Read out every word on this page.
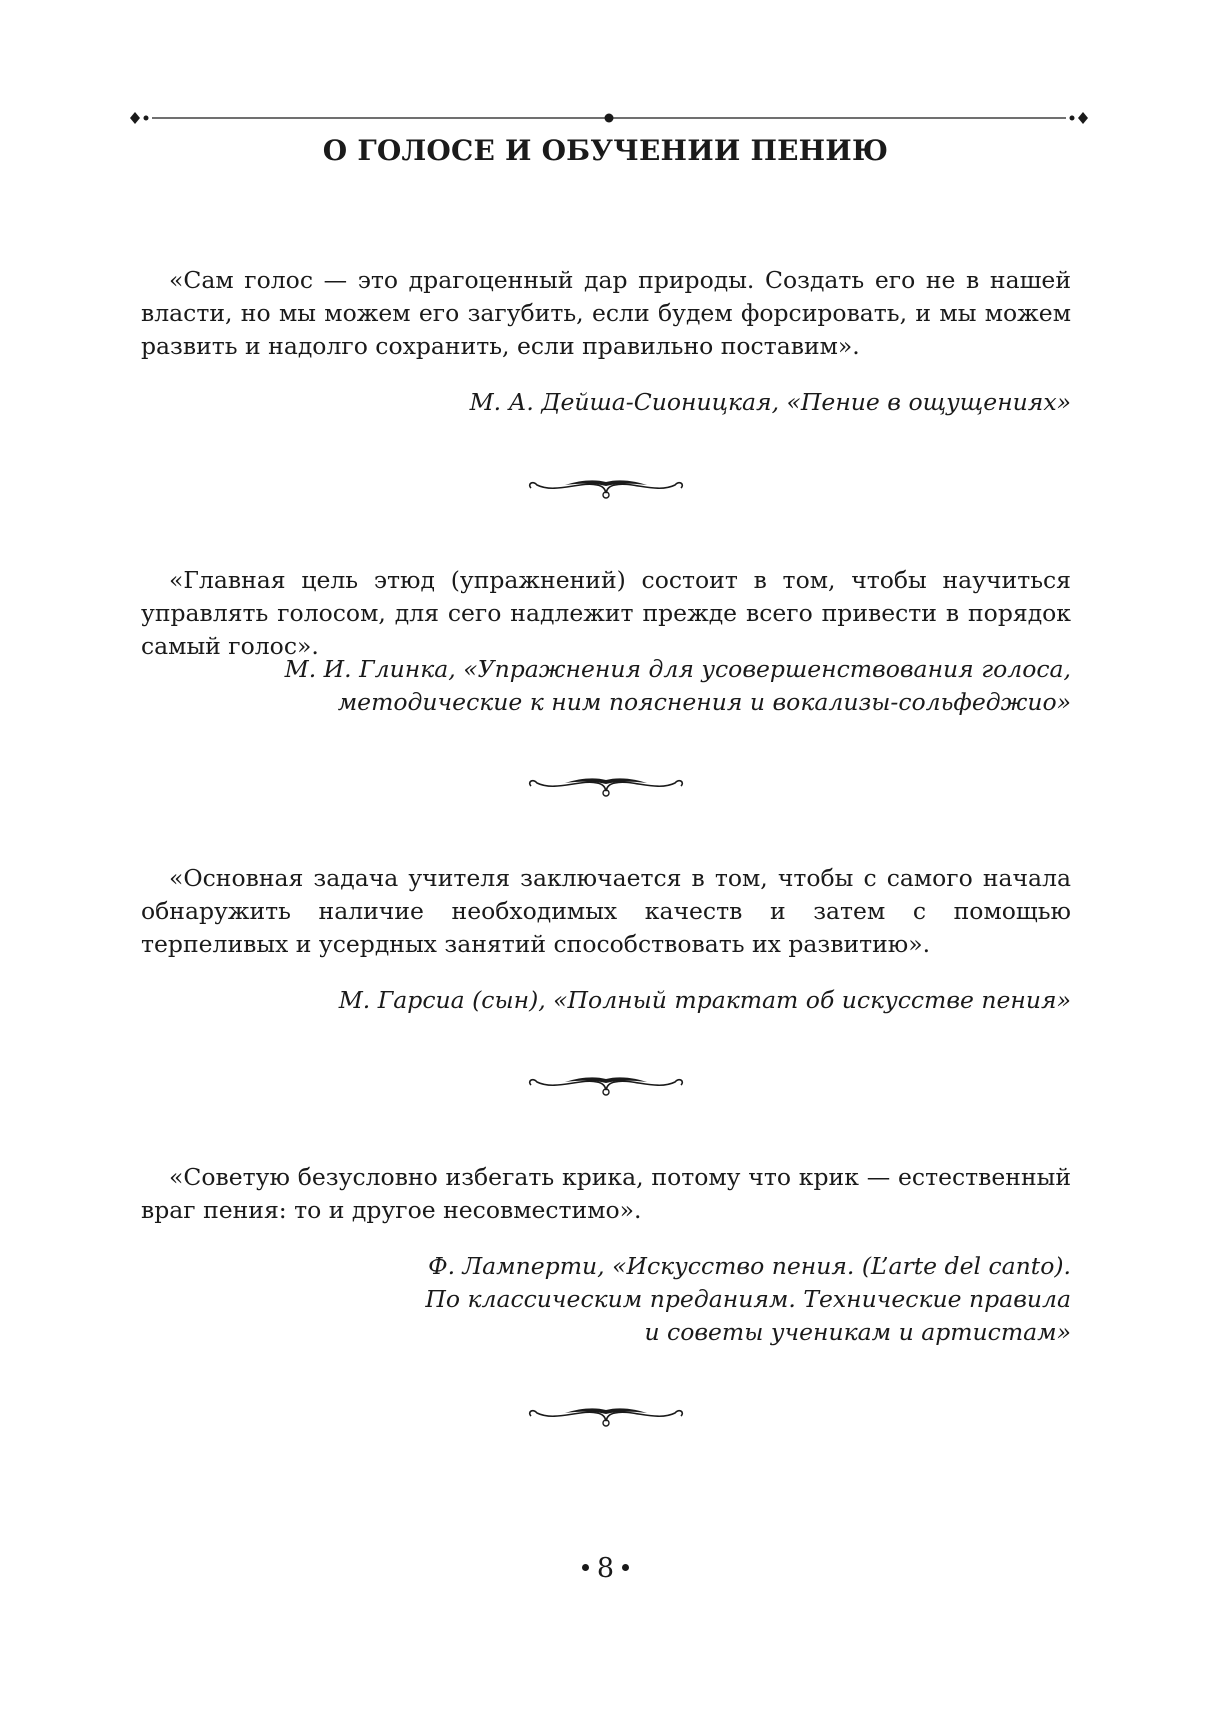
О ГОЛОСЕ И ОБУЧЕНИИ ПЕНИЮ

«Сам голос — это драгоценный дар природы. Создать его не в нашей власти, но мы можем его загубить, если будем форсировать, и мы можем развить и надолго сохранить, если правильно поставим».

М. А. Дейша-Сионицкая, «Пение в ощущениях»

«Главная цель этюд (упражнений) состоит в том, чтобы научиться управлять голосом, для сего надлежит прежде всего привести в порядок самый голос».

М. И. Глинка, «Упражнения для усовершенствования голоса,
методические к ним пояснения и вокализы-сольфеджио»

«Основная задача учителя заключается в том, чтобы с самого начала обнаружить наличие необходимых качеств и затем с помощью терпеливых и усердных занятий способствовать их развитию».

М. Гарсиа (сын), «Полный трактат об искусстве пения»

«Советую безусловно избегать крика, потому что крик — естественный враг пения: то и другое несовместимо».

Ф. Ламперти, «Искусство пения. (L’arte del canto).
По классическим преданиям. Технические правила
и советы ученикам и артистам»

8
